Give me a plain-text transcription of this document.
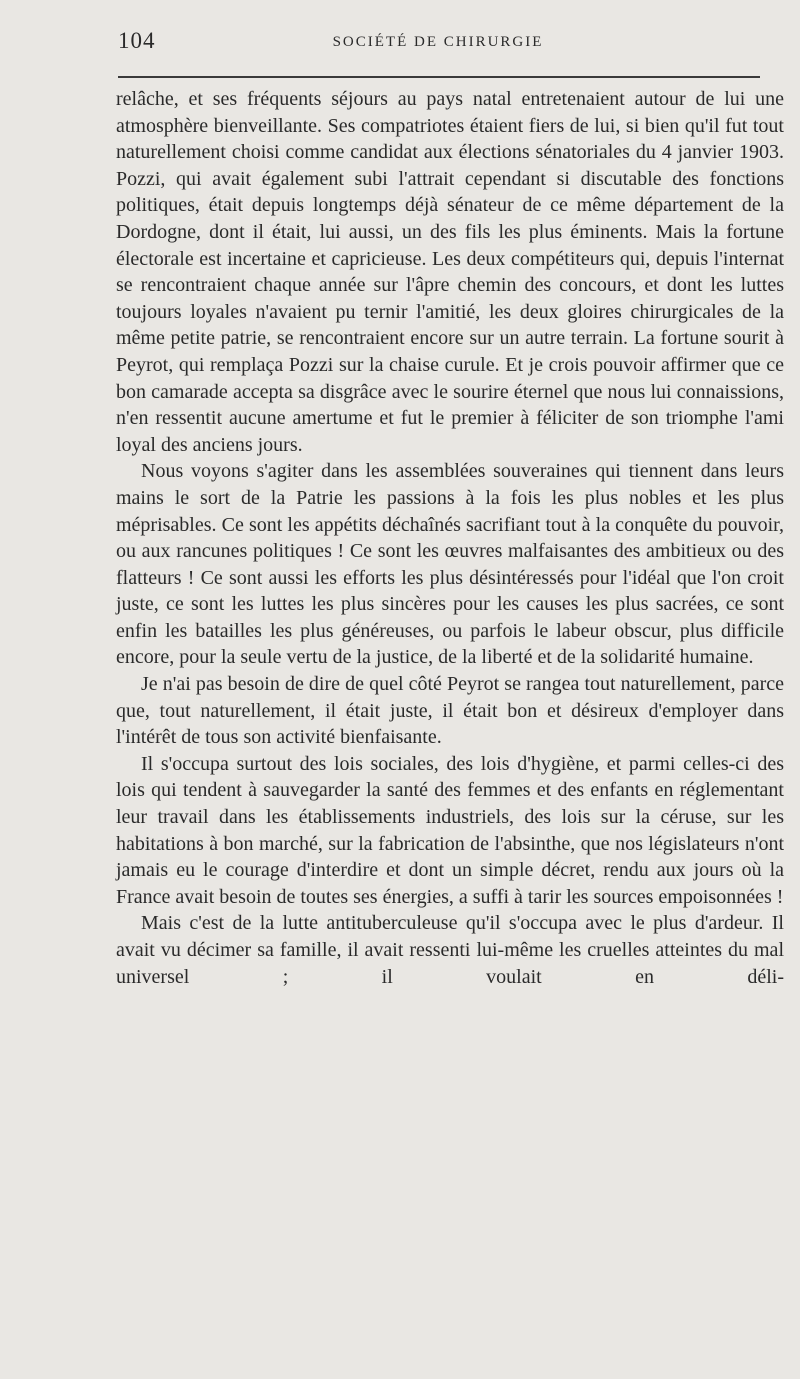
104	SOCIÉTÉ DE CHIRURGIE

relâche, et ses fréquents séjours au pays natal entretenaient autour de lui une atmosphère bienveillante. Ses compatriotes étaient fiers de lui, si bien qu'il fut tout naturellement choisi comme candidat aux élections sénatoriales du 4 janvier 1903. Pozzi, qui avait également subi l'attrait cependant si discutable des fonctions politiques, était depuis longtemps déjà sénateur de ce même département de la Dordogne, dont il était, lui aussi, un des fils les plus éminents. Mais la fortune électorale est incertaine et capricieuse. Les deux compétiteurs qui, depuis l'internat se rencontraient chaque année sur l'âpre chemin des concours, et dont les luttes toujours loyales n'avaient pu ternir l'amitié, les deux gloires chirurgicales de la même petite patrie, se rencontraient encore sur un autre terrain. La fortune sourit à Peyrot, qui remplaça Pozzi sur la chaise curule. Et je crois pouvoir affirmer que ce bon camarade accepta sa disgrâce avec le sourire éternel que nous lui connaissions, n'en ressentit aucune amertume et fut le premier à féliciter de son triomphe l'ami loyal des anciens jours.

Nous voyons s'agiter dans les assemblées souveraines qui tiennent dans leurs mains le sort de la Patrie les passions à la fois les plus nobles et les plus méprisables. Ce sont les appétits déchaînés sacrifiant tout à la conquête du pouvoir, ou aux rancunes politiques ! Ce sont les œuvres malfaisantes des ambitieux ou des flatteurs ! Ce sont aussi les efforts les plus désintéressés pour l'idéal que l'on croit juste, ce sont les luttes les plus sincères pour les causes les plus sacrées, ce sont enfin les batailles les plus généreuses, ou parfois le labeur obscur, plus difficile encore, pour la seule vertu de la justice, de la liberté et de la solidarité humaine.

Je n'ai pas besoin de dire de quel côté Peyrot se rangea tout naturellement, parce que, tout naturellement, il était juste, il était bon et désireux d'employer dans l'intérêt de tous son activité bienfaisante.

Il s'occupa surtout des lois sociales, des lois d'hygiène, et parmi celles-ci des lois qui tendent à sauvegarder la santé des femmes et des enfants en réglementant leur travail dans les établissements industriels, des lois sur la céruse, sur les habitations à bon marché, sur la fabrication de l'absinthe, que nos législateurs n'ont jamais eu le courage d'interdire et dont un simple décret, rendu aux jours où la France avait besoin de toutes ses énergies, a suffi à tarir les sources empoisonnées !

Mais c'est de la lutte antituberculeuse qu'il s'occupa avec le plus d'ardeur. Il avait vu décimer sa famille, il avait ressenti lui-même les cruelles atteintes du mal universel ; il voulait en déli-
